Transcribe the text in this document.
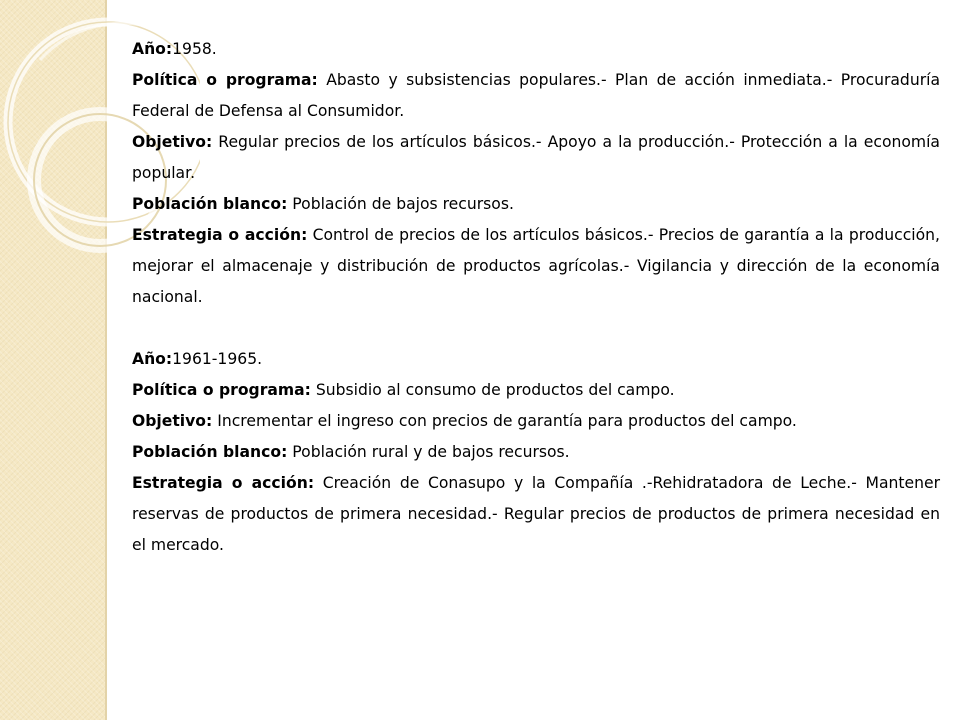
Año:1958.

Política o programa: Abasto y subsistencias populares.- Plan de acción inmediata.- Procuraduría Federal de Defensa al Consumidor.

Objetivo: Regular precios de los artículos básicos.- Apoyo a la producción.- Protección a la economía popular.

Población blanco: Población de bajos recursos.

Estrategia o acción: Control de precios de los artículos básicos.- Precios de garantía a la producción, mejorar el almacenaje y distribución de productos agrícolas.- Vigilancia y dirección de la economía nacional.

Año:1961-1965.

Política o programa: Subsidio al consumo de productos del campo.

Objetivo: Incrementar el ingreso con precios de garantía para productos del campo.

Población blanco: Población rural y de bajos recursos.

Estrategia o acción: Creación de Conasupo y la Compañía .-Rehidratadora de Leche.- Mantener reservas de productos de primera necesidad.- Regular precios de productos de primera necesidad en el mercado.
